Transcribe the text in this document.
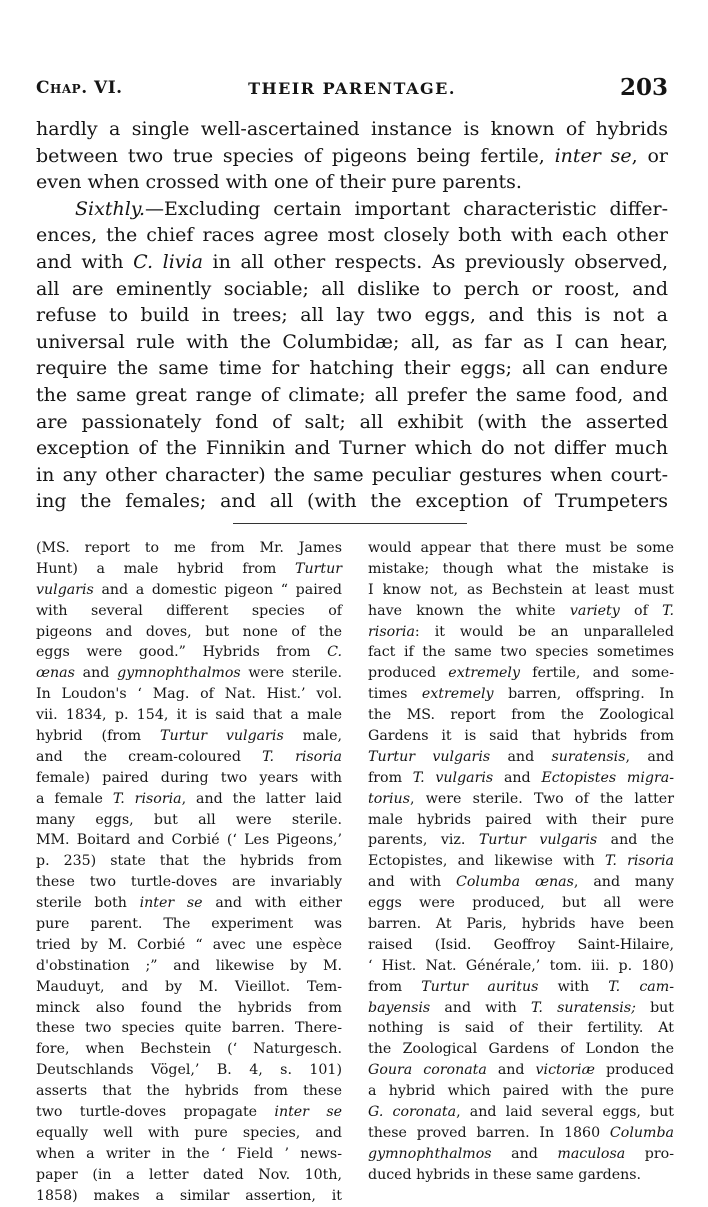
Chap. VI.	THEIR PARENTAGE.	203
hardly a single well-ascertained instance is known of hybrids
between two true species of pigeons being fertile, inter se, or
even when crossed with one of their pure parents.
Sixthly.—Excluding certain important characteristic differ-
ences, the chief races agree most closely both with each other
and with C. livia in all other respects. As previously observed,
all are eminently sociable; all dislike to perch or roost, and
refuse to build in trees; all lay two eggs, and this is not a
universal rule with the Columbidæ; all, as far as I can hear,
require the same time for hatching their eggs; all can endure
the same great range of climate; all prefer the same food, and
are passionately fond of salt; all exhibit (with the asserted
exception of the Finnikin and Turner which do not differ much
in any other character) the same peculiar gestures when court-
ing the females; and all (with the exception of Trumpeters
(MS. report to me from Mr. James
Hunt) a male hybrid from Turtur
vulgaris and a domestic pigeon “ paired
with several different species of
pigeons and doves, but none of the
eggs were good.” Hybrids from C.
œnas and gymnophthalmos were sterile.
In Loudon's ‘ Mag. of Nat. Hist.’ vol.
vii. 1834, p. 154, it is said that a male
hybrid (from Turtur vulgaris male,
and the cream-coloured T. risoria
female) paired during two years with
a female T. risoria, and the latter laid
many eggs, but all were sterile.
MM. Boitard and Corbié (‘ Les Pigeons,’
p. 235) state that the hybrids from
these two turtle-doves are invariably
sterile both inter se and with either
pure parent. The experiment was
tried by M. Corbié “ avec une espèce
d'obstination ;” and likewise by M.
Mauduyt, and by M. Vieillot. Tem-
minck also found the hybrids from
these two species quite barren. There-
fore, when Bechstein (‘ Naturgesch.
Deutschlands Vögel,’ B. 4, s. 101)
asserts that the hybrids from these
two turtle-doves propagate inter se
equally well with pure species, and
when a writer in the ‘ Field ’ news-
paper (in a letter dated Nov. 10th,
1858) makes a similar assertion, it
would appear that there must be some
mistake; though what the mistake is
I know not, as Bechstein at least must
have known the white variety of T.
risoria: it would be an unparalleled
fact if the same two species sometimes
produced extremely fertile, and some-
times extremely barren, offspring. In
the MS. report from the Zoological
Gardens it is said that hybrids from
Turtur vulgaris and suratensis, and
from T. vulgaris and Ectopistes migra-
torius, were sterile. Two of the latter
male hybrids paired with their pure
parents, viz. Turtur vulgaris and the
Ectopistes, and likewise with T. risoria
and with Columba œnas, and many
eggs were produced, but all were
barren. At Paris, hybrids have been
raised (Isid. Geoffroy Saint-Hilaire,
‘ Hist. Nat. Générale,’ tom. iii. p. 180)
from Turtur auritus with T. cam-
bayensis and with T. suratensis; but
nothing is said of their fertility. At
the Zoological Gardens of London the
Goura coronata and victoriæ produced
a hybrid which paired with the pure
G. coronata, and laid several eggs, but
these proved barren. In 1860 Columba
gymnophthalmos and maculosa pro-
duced hybrids in these same gardens.
